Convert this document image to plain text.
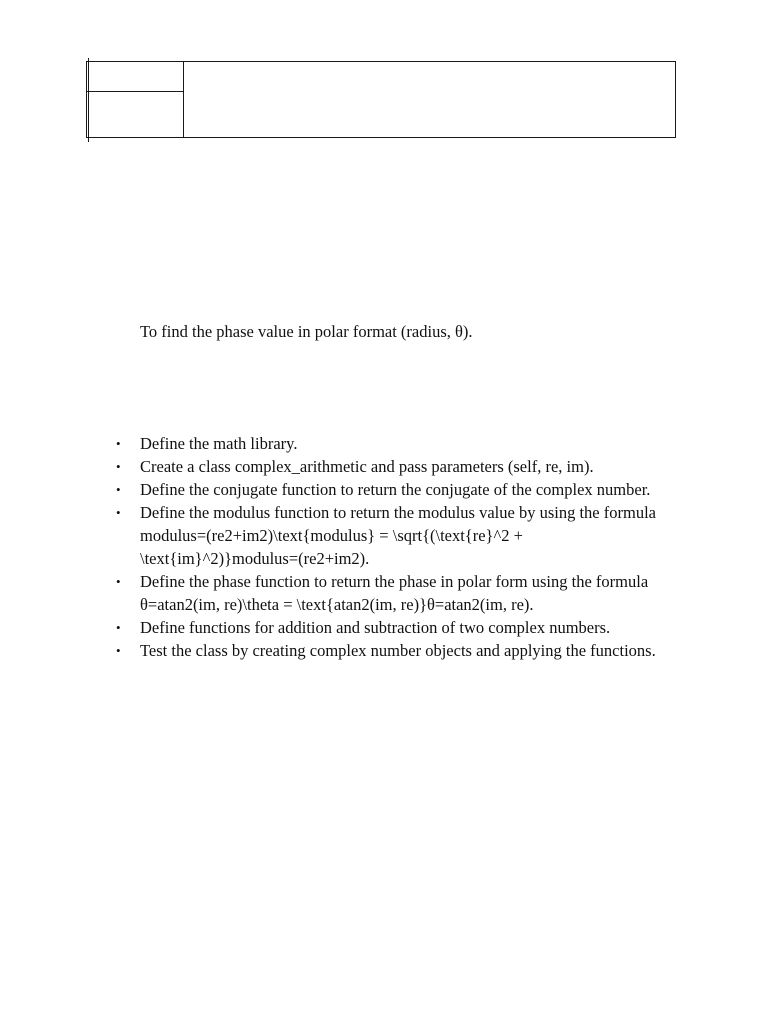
To find the phase value in polar format (radius, θ).

• Define the math library.
• Create a class complex_arithmetic and pass parameters (self, re, im).
• Define the conjugate function to return the conjugate of the complex number.
• Define the modulus function to return the modulus value by using the formula modulus=(re2+im2)\text{modulus} = \sqrt{(\text{re}^2 + \text{im}^2)}modulus=(re2+im2).
• Define the phase function to return the phase in polar form using the formula θ=atan2(im, re)\theta = \text{atan2(im, re)}θ=atan2(im, re).
• Define functions for addition and subtraction of two complex numbers.
• Test the class by creating complex number objects and applying the functions.
